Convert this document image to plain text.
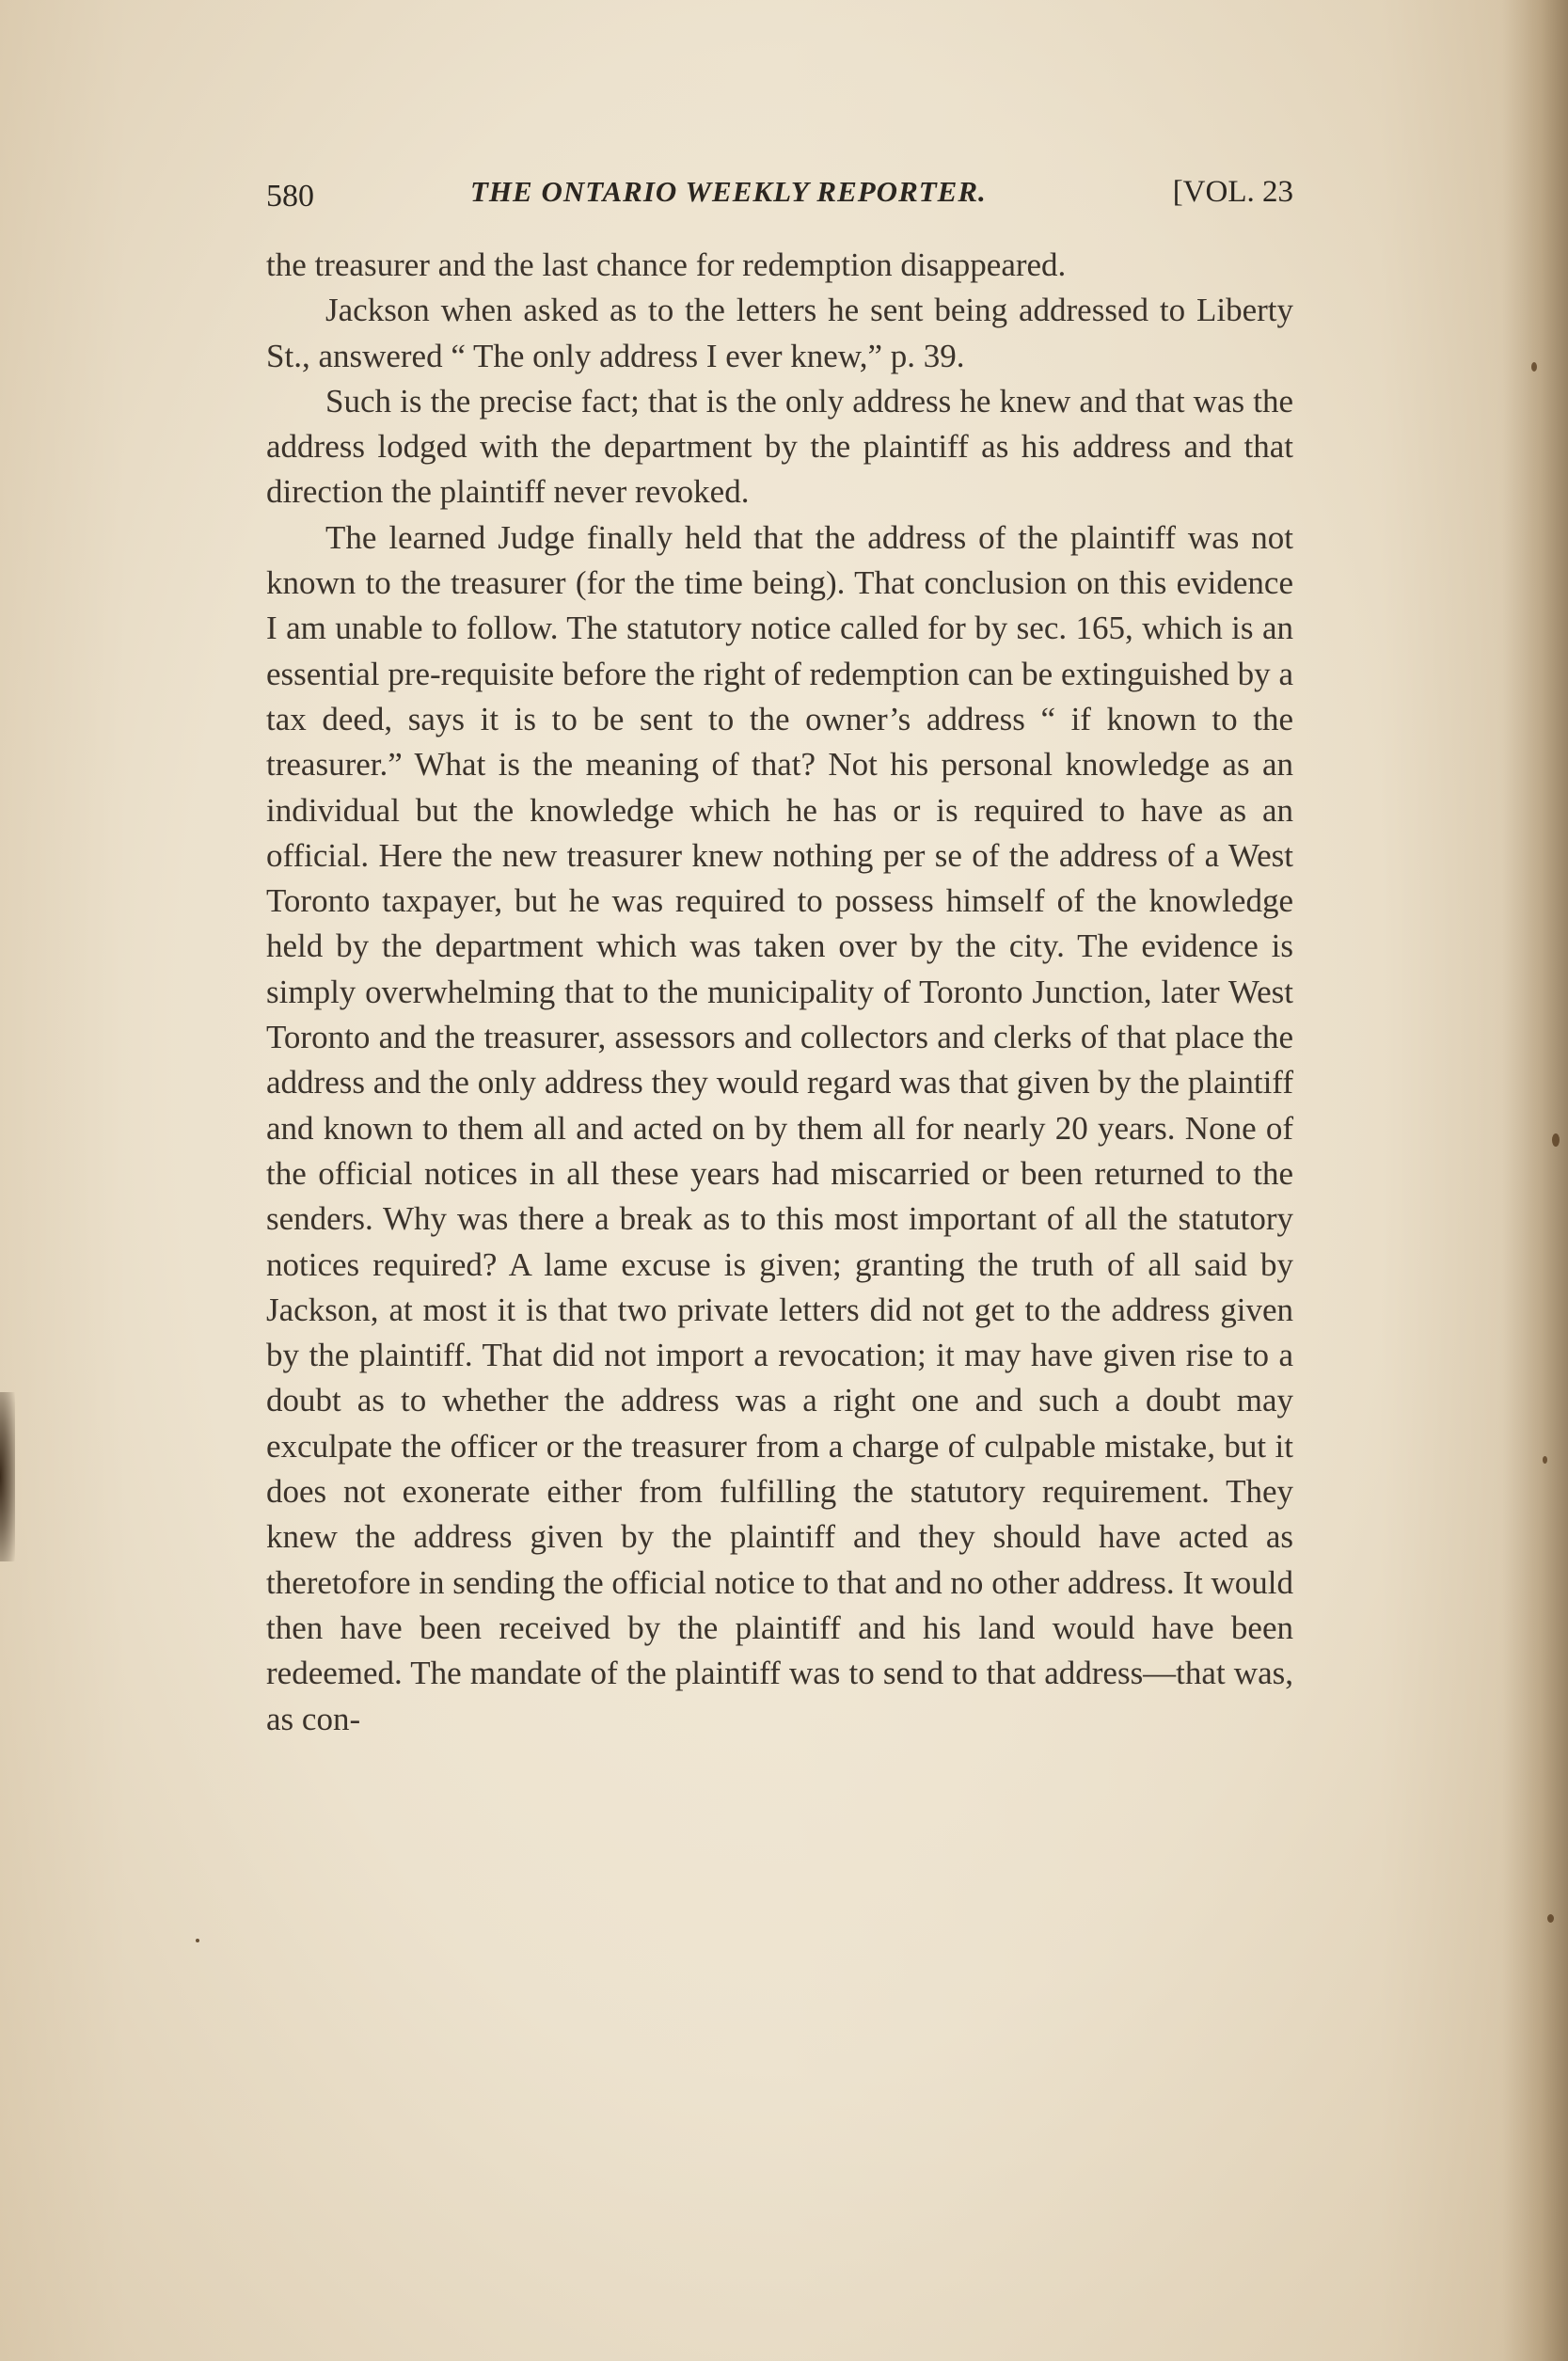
580	THE ONTARIO WEEKLY REPORTER.	[VOL. 23

the treasurer and the last chance for redemption disappeared.

Jackson when asked as to the letters he sent being addressed to Liberty St., answered “ The only address I ever knew,” p. 39.

Such is the precise fact; that is the only address he knew and that was the address lodged with the department by the plaintiff as his address and that direction the plaintiff never revoked.

The learned Judge finally held that the address of the plaintiff was not known to the treasurer (for the time being). That conclusion on this evidence I am unable to follow. The statutory notice called for by sec. 165, which is an essential pre-requisite before the right of redemption can be extinguished by a tax deed, says it is to be sent to the owner’s address “ if known to the treasurer.” What is the meaning of that? Not his personal knowledge as an individual but the knowledge which he has or is required to have as an official. Here the new treasurer knew nothing per se of the address of a West Toronto taxpayer, but he was required to possess himself of the knowledge held by the department which was taken over by the city. The evidence is simply overwhelming that to the municipality of Toronto Junction, later West Toronto and the treasurer, assessors and collectors and clerks of that place the address and the only address they would regard was that given by the plaintiff and known to them all and acted on by them all for nearly 20 years. None of the official notices in all these years had miscarried or been returned to the senders. Why was there a break as to this most important of all the statutory notices required? A lame excuse is given; granting the truth of all said by Jackson, at most it is that two private letters did not get to the address given by the plaintiff. That did not import a revocation; it may have given rise to a doubt as to whether the address was a right one and such a doubt may exculpate the officer or the treasurer from a charge of culpable mistake, but it does not exonerate either from fulfilling the statutory requirement. They knew the address given by the plaintiff and they should have acted as theretofore in sending the official notice to that and no other address. It would then have been received by the plaintiff and his land would have been redeemed. The mandate of the plaintiff was to send to that address—that was, as con-
